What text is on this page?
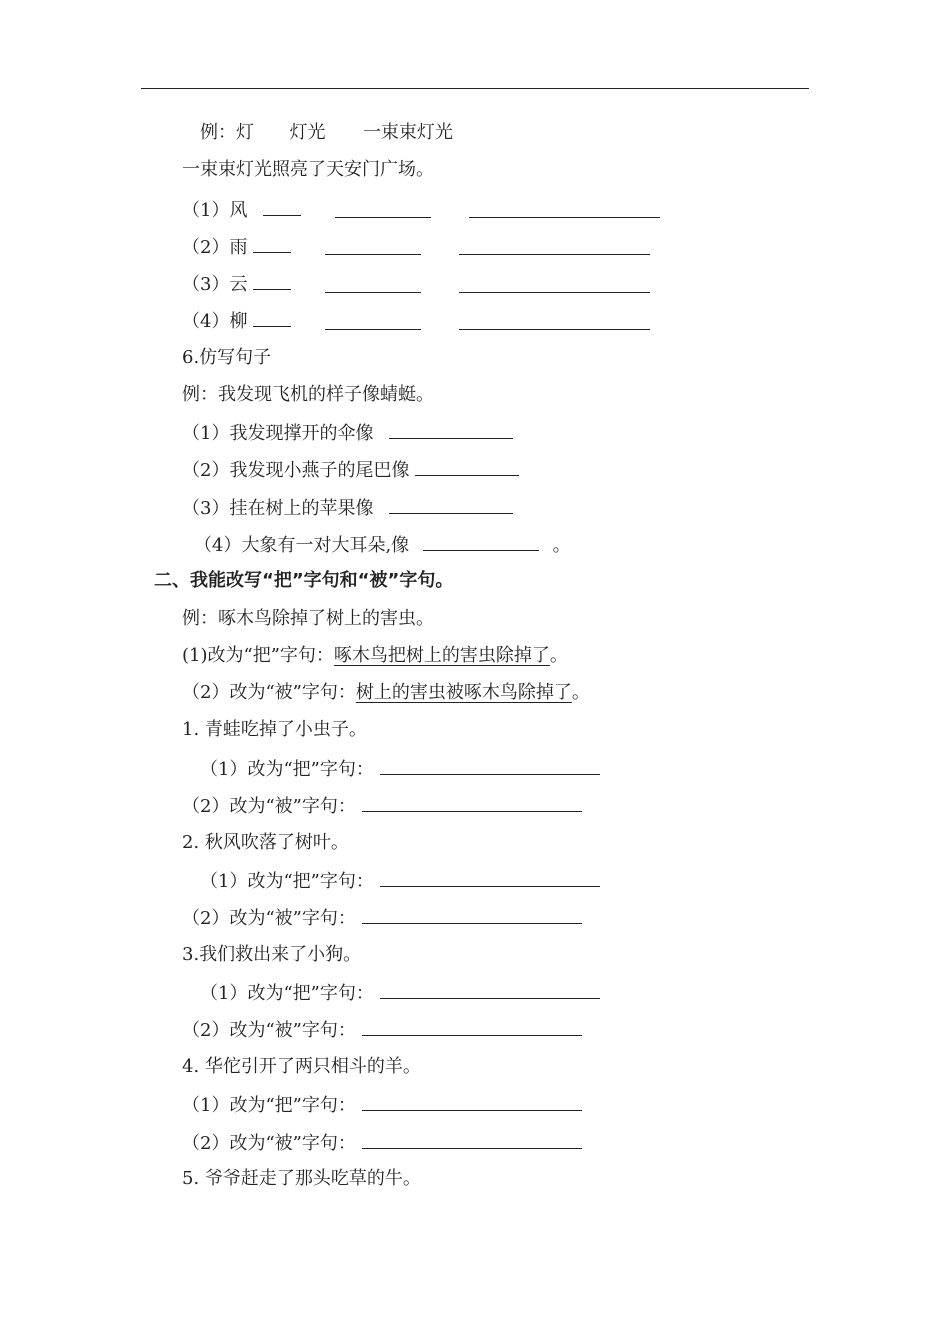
例：灯 灯光 一束束灯光
一束束灯光照亮了天安门广场。
（1）风
（2）雨
（3）云
（4）柳
6.仿写句子
例：我发现飞机的样子像蜻蜓。
（1）我发现撑开的伞像
（2）我发现小燕子的尾巴像
（3）挂在树上的苹果像
（4）大象有一对大耳朵,像	。
二、我能改写“把”字句和“被”字句。
例：啄木鸟除掉了树上的害虫。
(1)改为“把”字句：啄木鸟把树上的害虫除掉了。
（2）改为“被”字句：树上的害虫被啄木鸟除掉了。
1. 青蛙吃掉了小虫子。
（1）改为“把”字句：
（2）改为“被”字句：
2. 秋风吹落了树叶。
（1）改为“把”字句：
（2）改为“被”字句：
3.我们救出来了小狗。
（1）改为“把”字句：
（2）改为“被”字句：
4. 华佗引开了两只相斗的羊。
（1）改为“把”字句：
（2）改为“被”字句：
5. 爷爷赶走了那头吃草的牛。
